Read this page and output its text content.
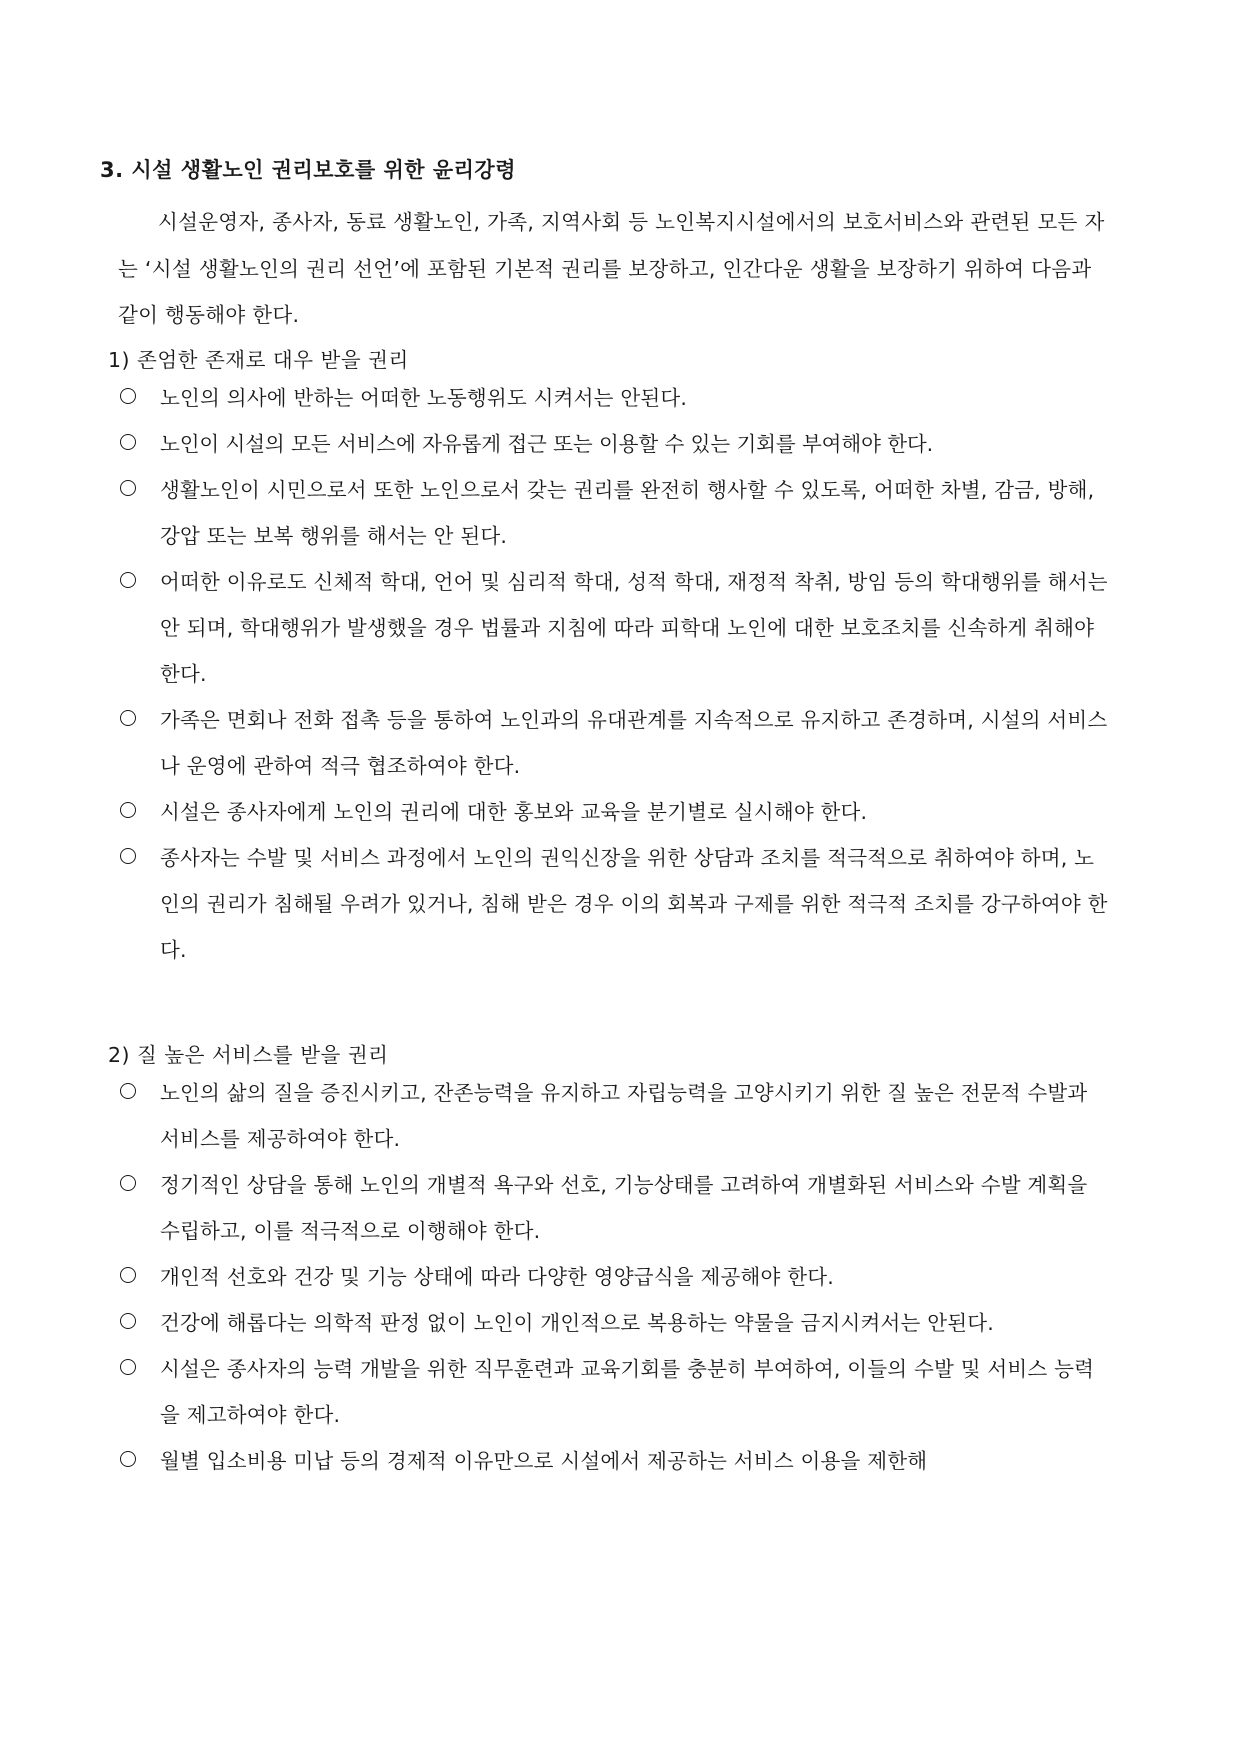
3. 시설 생활노인 권리보호를 위한 윤리강령

시설운영자, 종사자, 동료 생활노인, 가족, 지역사회 등 노인복지시설에서의 보호서비스와 관련된 모든 자는 ‘시설 생활노인의 권리 선언’에 포함된 기본적 권리를 보장하고, 인간다운 생활을 보장하기 위하여 다음과 같이 행동해야 한다.

1) 존엄한 존재로 대우 받을 권리
노인의 의사에 반하는 어떠한 노동행위도 시켜서는 안된다.
노인이 시설의 모든 서비스에 자유롭게 접근 또는 이용할 수 있는 기회를 부여해야 한다.
생활노인이 시민으로서 또한 노인으로서 갖는 권리를 완전히 행사할 수 있도록, 어떠한 차별, 감금, 방해, 강압 또는 보복 행위를 해서는 안 된다.
어떠한 이유로도 신체적 학대, 언어 및 심리적 학대, 성적 학대, 재정적 착취, 방임 등의 학대행위를 해서는 안 되며, 학대행위가 발생했을 경우 법률과 지침에 따라 피학대 노인에 대한 보호조치를 신속하게 취해야 한다.
가족은 면회나 전화 접촉 등을 통하여 노인과의 유대관계를 지속적으로 유지하고 존경하며, 시설의 서비스나 운영에 관하여 적극 협조하여야 한다.
시설은 종사자에게 노인의 권리에 대한 홍보와 교육을 분기별로 실시해야 한다.
종사자는 수발 및 서비스 과정에서 노인의 권익신장을 위한 상담과 조치를 적극적으로 취하여야 하며, 노인의 권리가 침해될 우려가 있거나, 침해 받은 경우 이의 회복과 구제를 위한 적극적 조치를 강구하여야 한다.
2) 질 높은 서비스를 받을 권리
노인의 삶의 질을 증진시키고, 잔존능력을 유지하고 자립능력을 고양시키기 위한 질 높은 전문적 수발과 서비스를 제공하여야 한다.
정기적인 상담을 통해 노인의 개별적 욕구와 선호, 기능상태를 고려하여 개별화된 서비스와 수발 계획을 수립하고, 이를 적극적으로 이행해야 한다.
개인적 선호와 건강 및 기능 상태에 따라 다양한 영양급식을 제공해야 한다.
건강에 해롭다는 의학적 판정 없이 노인이 개인적으로 복용하는 약물을 금지시켜서는 안된다.
시설은 종사자의 능력 개발을 위한 직무훈련과 교육기회를 충분히 부여하여, 이들의 수발 및 서비스 능력을 제고하여야 한다.
월별 입소비용 미납 등의 경제적 이유만으로 시설에서 제공하는 서비스 이용을 제한해
